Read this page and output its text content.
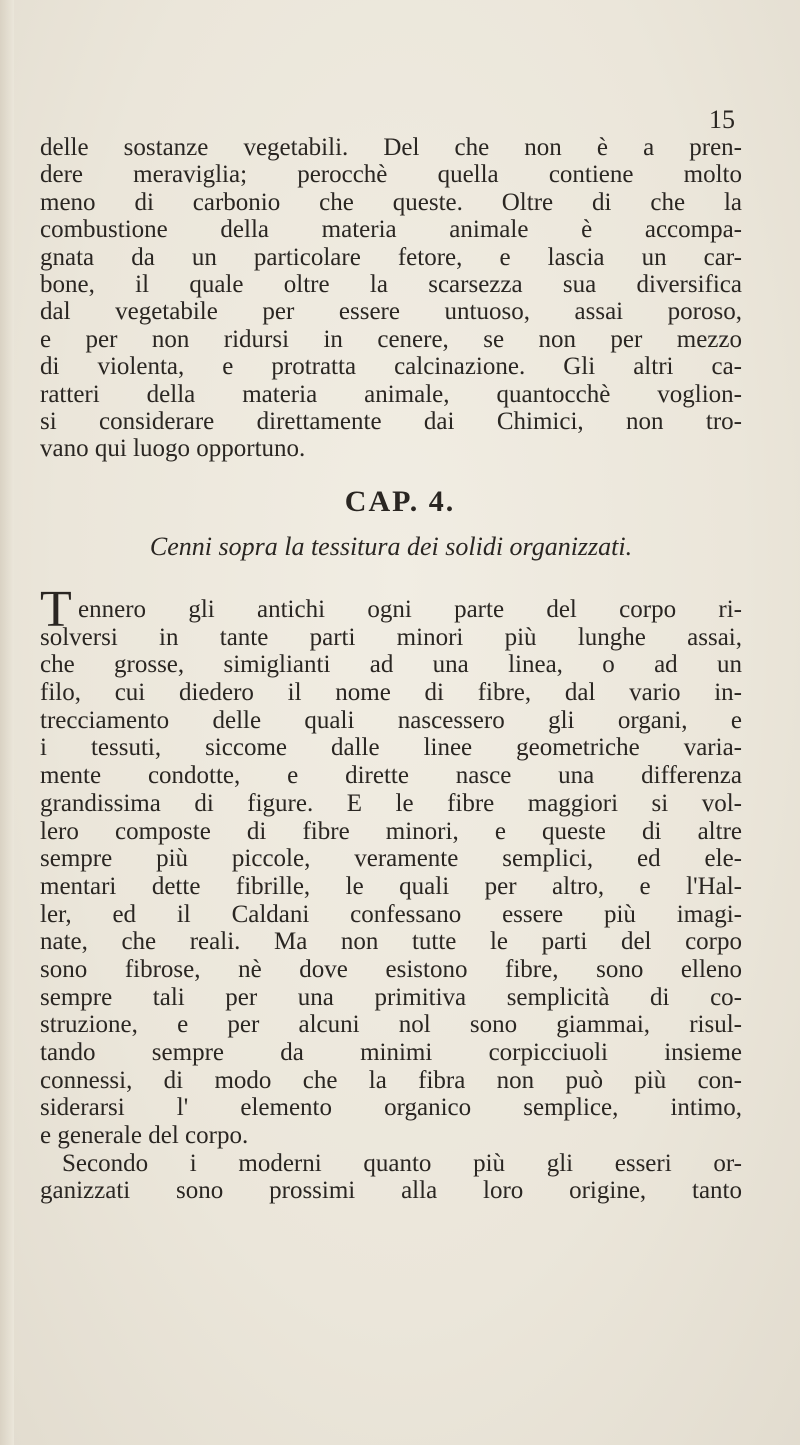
15
delle sostanze vegetabili. Del che non è a pren-
dere meraviglia; perocchè quella contiene molto
meno di carbonio che queste. Oltre di che la
combustione della materia animale è accompa-
gnata da un particolare fetore, e lascia un car-
bone, il quale oltre la scarsezza sua diversifica
dal vegetabile per essere untuoso, assai poroso,
e per non ridursi in cenere, se non per mezzo
di violenta, e protratta calcinazione. Gli altri ca-
ratteri della materia animale, quantocchè voglion-
si considerare direttamente dai Chimici, non tro-
vano qui luogo opportuno.
CAP. 4.
Cenni sopra la tessitura dei solidi organizzati.
T ennero gli antichi ogni parte del corpo ri-
solversi in tante parti minori più lunghe assai,
che grosse, simiglianti ad una linea, o ad un
filo, cui diedero il nome di fibre, dal vario in-
trecciamento delle quali nascessero gli organi, e
i tessuti, siccome dalle linee geometriche varia-
mente condotte, e dirette nasce una differenza
grandissima di figure. E le fibre maggiori si vol-
lero composte di fibre minori, e queste di altre
sempre più piccole, veramente semplici, ed ele-
mentari dette fibrille, le quali per altro, e l'Hal-
ler, ed il Caldani confessano essere più imagi-
nate, che reali. Ma non tutte le parti del corpo
sono fibrose, nè dove esistono fibre, sono elleno
sempre tali per una primitiva semplicità di co-
struzione, e per alcuni nol sono giammai, risul-
tando sempre da minimi corpicciuoli insieme
connessi, di modo che la fibra non può più con-
siderarsi l' elemento organico semplice, intimo,
e generale del corpo.
Secondo i moderni quanto più gli esseri or-
ganizzati sono prossimi alla loro origine, tanto
